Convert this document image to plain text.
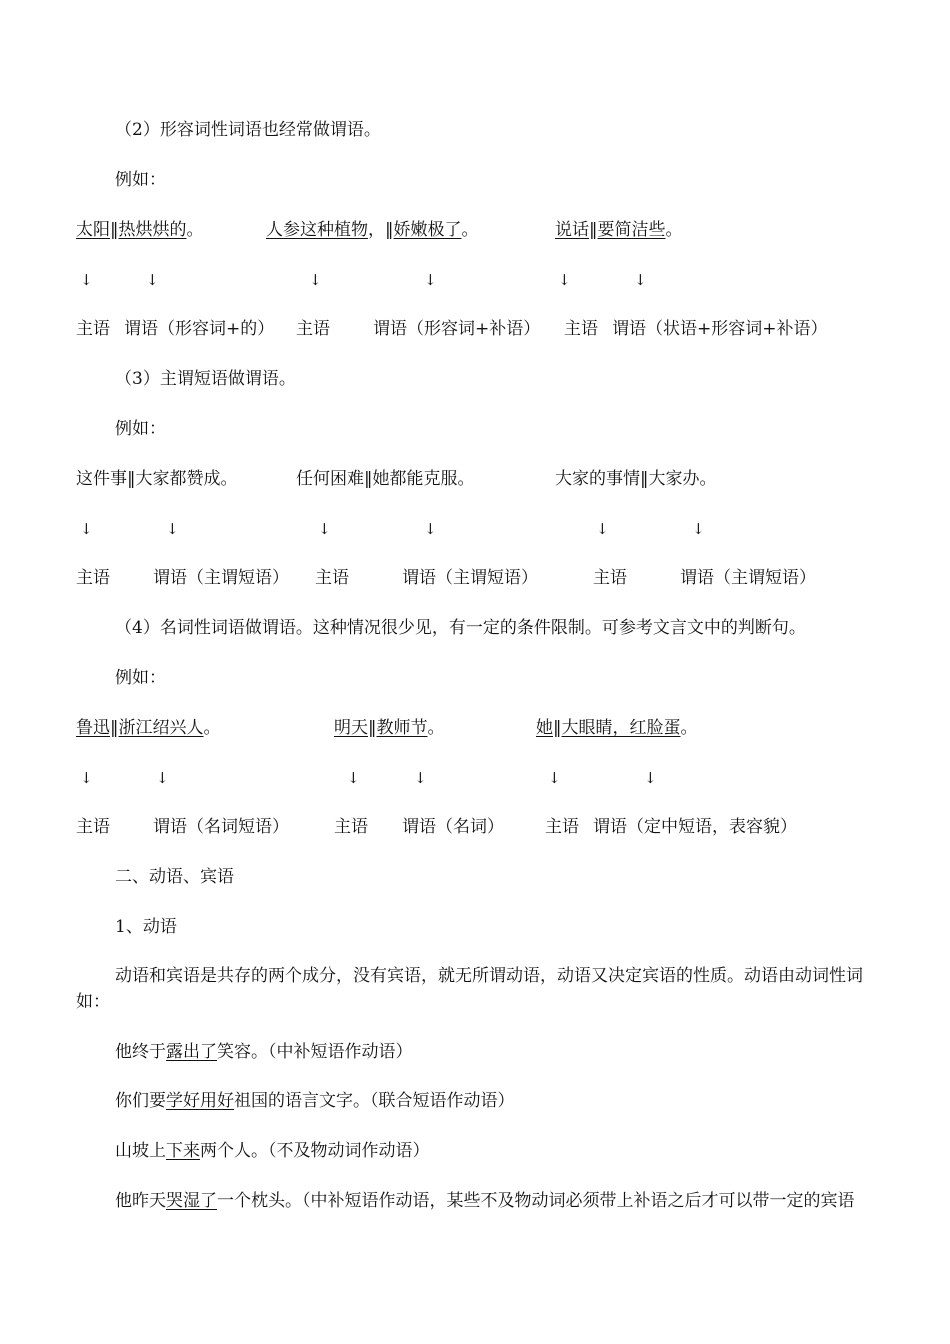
（2）形容词性词语也经常做谓语。
例如：
太阳‖热烘烘的。	人参这种植物，‖娇嫩极了。	说话‖要简洁些。
↓	↓	↓	↓	↓	↓
主语 谓语（形容词+的） 主语	谓语（形容词+补语） 主语 谓语（状语+形容词+补语）
（3）主谓短语做谓语。
例如：
这件事‖大家都赞成。	任何困难‖她都能克服。	大家的事情‖大家办。
↓	↓	↓	↓	↓	↓
主语	谓语（主谓短语） 主语	谓语（主谓短语）	主语	谓语（主谓短语）
（4）名词性词语做谓语。这种情况很少见，有一定的条件限制。可参考文言文中的判断句。
例如：
鲁迅‖浙江绍兴人。	明天‖教师节。	她‖大眼睛，红脸蛋。
↓	↓	↓	↓	↓	↓
主语	谓语（名词短语）	主语 谓语（名词） 主语 谓语（定中短语，表容貌）
二、动语、宾语
1、动语
动语和宾语是共存的两个成分，没有宾语，就无所谓动语，动语又决定宾语的性质。动语由动词性词
如：
他终于露出了笑容。（中补短语作动语）
你们要学好用好祖国的语言文字。（联合短语作动语）
山坡上下来两个人。（不及物动词作动语）
他昨天哭湿了一个枕头。（中补短语作动语，某些不及物动词必须带上补语之后才可以带一定的宾语
